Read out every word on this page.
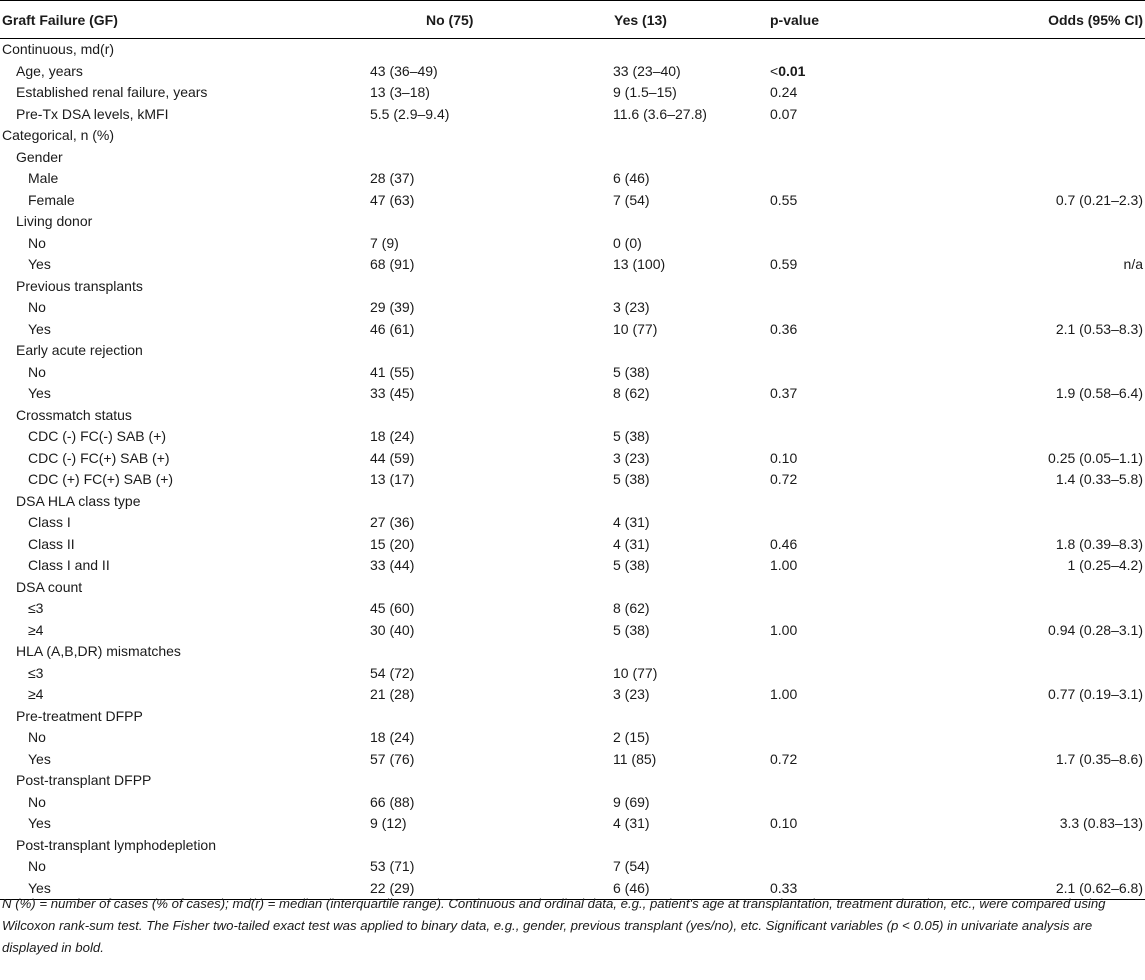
Graft Failure (GF)	No (75)	Yes (13)	p-value	Odds (95% CI)
Continuous, md(r)				
Age, years	43 (36–49)	33 (23–40)	<0.01	
Established renal failure, years	13 (3–18)	9 (1.5–15)	0.24	
Pre-Tx DSA levels, kMFI	5.5 (2.9–9.4)	11.6 (3.6–27.8)	0.07	
Categorical, n (%)				
Gender				
Male	28 (37)	6 (46)		
Female	47 (63)	7 (54)	0.55	0.7 (0.21–2.3)
Living donor				
No	7 (9)	0 (0)		
Yes	68 (91)	13 (100)	0.59	n/a
Previous transplants				
No	29 (39)	3 (23)		
Yes	46 (61)	10 (77)	0.36	2.1 (0.53–8.3)
Early acute rejection				
No	41 (55)	5 (38)		
Yes	33 (45)	8 (62)	0.37	1.9 (0.58–6.4)
Crossmatch status				
CDC (-) FC(-) SAB (+)	18 (24)	5 (38)		
CDC (-) FC(+) SAB (+)	44 (59)	3 (23)	0.10	0.25 (0.05–1.1)
CDC (+) FC(+) SAB (+)	13 (17)	5 (38)	0.72	1.4 (0.33–5.8)
DSA HLA class type				
Class I	27 (36)	4 (31)		
Class II	15 (20)	4 (31)	0.46	1.8 (0.39–8.3)
Class I and II	33 (44)	5 (38)	1.00	1 (0.25–4.2)
DSA count				
≤3	45 (60)	8 (62)		
≥4	30 (40)	5 (38)	1.00	0.94 (0.28–3.1)
HLA (A,B,DR) mismatches				
≤3	54 (72)	10 (77)		
≥4	21 (28)	3 (23)	1.00	0.77 (0.19–3.1)
Pre-treatment DFPP				
No	18 (24)	2 (15)		
Yes	57 (76)	11 (85)	0.72	1.7 (0.35–8.6)
Post-transplant DFPP				
No	66 (88)	9 (69)		
Yes	9 (12)	4 (31)	0.10	3.3 (0.83–13)
Post-transplant lymphodepletion				
No	53 (71)	7 (54)		
Yes	22 (29)	6 (46)	0.33	2.1 (0.62–6.8)
N (%) = number of cases (% of cases); md(r) = median (interquartile range). Continuous and ordinal data, e.g., patient's age at transplantation, treatment duration, etc., were compared using Wilcoxon rank-sum test. The Fisher two-tailed exact test was applied to binary data, e.g., gender, previous transplant (yes/no), etc. Significant variables (p < 0.05) in univariate analysis are displayed in bold.
